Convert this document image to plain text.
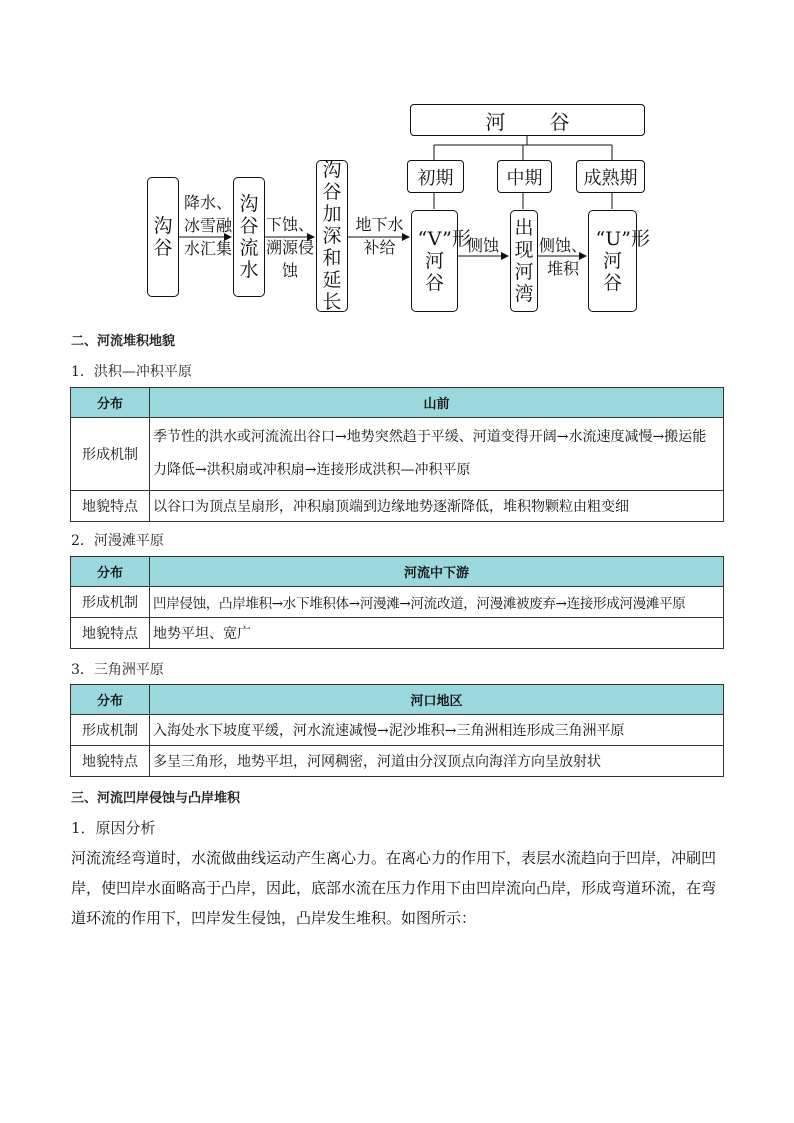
河谷
初期	中期 成熟期
沟谷
沟谷流水
沟谷加深和延长
“V”形河谷
出现河湾
“U”形河谷
降水、冰雪融水汇集
下蚀、溯源侵蚀
地下水补给	侧蚀	侧蚀、堆积
二、河流堆积地貌
1．洪积—冲积平原
分布	山前
形成机制	季节性的洪水或河流流出谷口→地势突然趋于平缓、河道变得开阔→水流速度减慢→搬运能力降低→洪积扇或冲积扇→连接形成洪积—冲积平原
地貌特点	以谷口为顶点呈扇形，冲积扇顶端到边缘地势逐渐降低，堆积物颗粒由粗变细
2．河漫滩平原
分布	河流中下游
形成机制	凹岸侵蚀，凸岸堆积→水下堆积体→河漫滩→河流改道，河漫滩被废弃→连接形成河漫滩平原
地貌特点	地势平坦、宽广
3．三角洲平原
分布	河口地区
形成机制	入海处水下坡度平缓，河水流速减慢→泥沙堆积→三角洲相连形成三角洲平原
地貌特点	多呈三角形，地势平坦，河网稠密，河道由分汊顶点向海洋方向呈放射状
三、河流凹岸侵蚀与凸岸堆积
1．原因分析
河流流经弯道时，水流做曲线运动产生离心力。在离心力的作用下，表层水流趋向于凹岸，冲刷凹岸，使凹岸水面略高于凸岸，因此，底部水流在压力作用下由凹岸流向凸岸，形成弯道环流，在弯道环流的作用下，凹岸发生侵蚀，凸岸发生堆积。如图所示：
